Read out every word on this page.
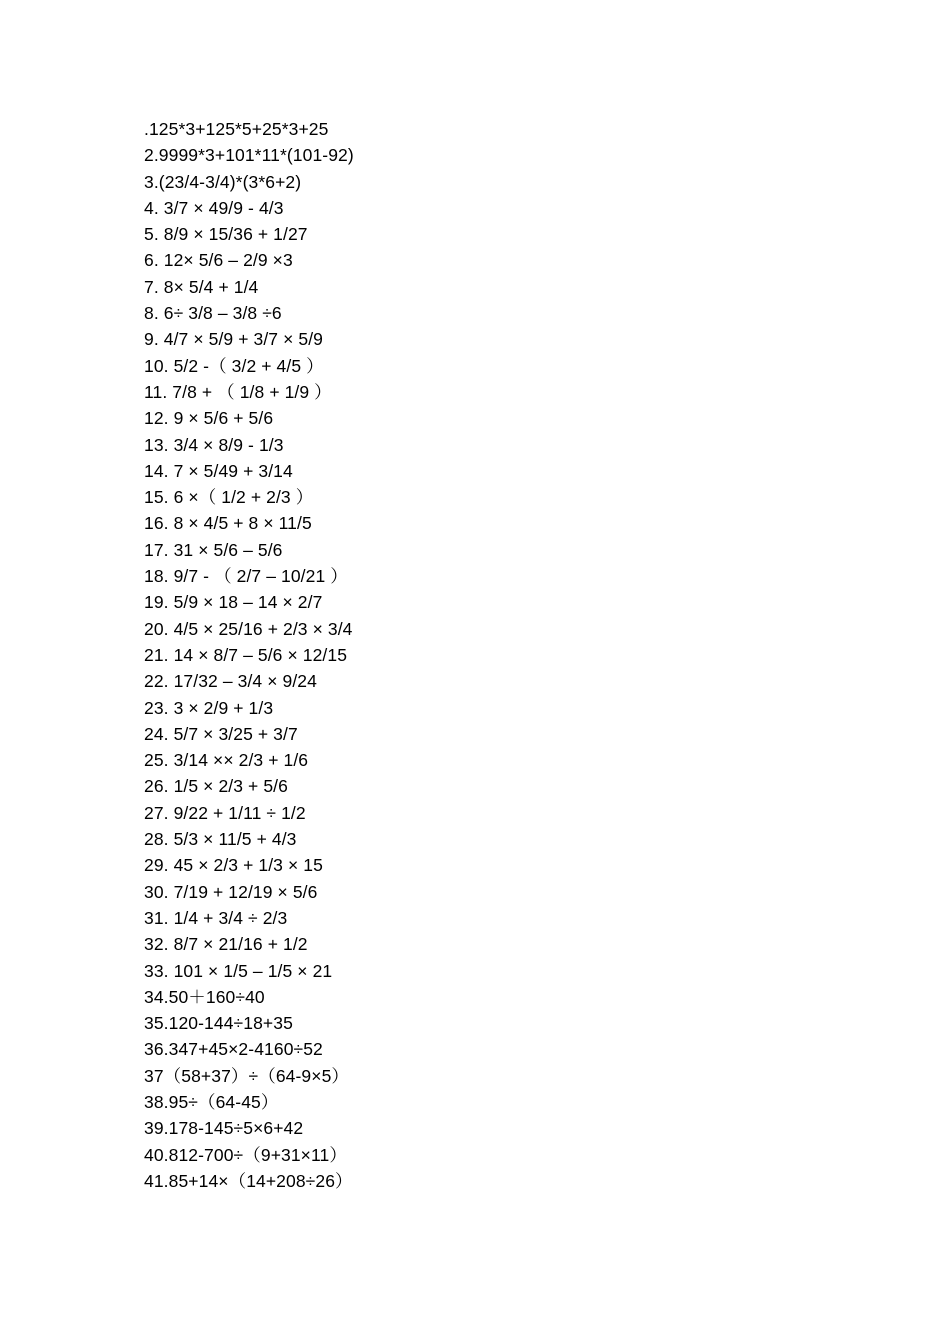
.125*3+125*5+25*3+25
2.9999*3+101*11*(101-92)
3.(23/4-3/4)*(3*6+2)
4. 3/7 × 49/9 - 4/3
5. 8/9 × 15/36 + 1/27
6. 12× 5/6 – 2/9 ×3
7. 8× 5/4 + 1/4
8. 6÷ 3/8 – 3/8 ÷6
9. 4/7 × 5/9 + 3/7 × 5/9
10. 5/2 -（ 3/2 + 4/5 ）
11. 7/8 + （ 1/8 + 1/9 ）
12. 9 × 5/6 + 5/6
13. 3/4 × 8/9 - 1/3
14. 7 × 5/49 + 3/14
15. 6 ×（ 1/2 + 2/3 ）
16. 8 × 4/5 + 8 × 11/5
17. 31 × 5/6 – 5/6
18. 9/7 - （ 2/7 – 10/21 ）
19. 5/9 × 18 – 14 × 2/7
20. 4/5 × 25/16 + 2/3 × 3/4
21. 14 × 8/7 – 5/6 × 12/15
22. 17/32 – 3/4 × 9/24
23. 3 × 2/9 + 1/3
24. 5/7 × 3/25 + 3/7
25. 3/14 ×× 2/3 + 1/6
26. 1/5 × 2/3 + 5/6
27. 9/22 + 1/11 ÷ 1/2
28. 5/3 × 11/5 + 4/3
29. 45 × 2/3 + 1/3 × 15
30. 7/19 + 12/19 × 5/6
31. 1/4 + 3/4 ÷ 2/3
32. 8/7 × 21/16 + 1/2
33. 101 × 1/5 – 1/5 × 21
34.50＋160÷40
35.120-144÷18+35
36.347+45×2-4160÷52
37（58+37）÷（64-9×5）
38.95÷（64-45）
39.178-145÷5×6+42
40.812-700÷（9+31×11）
41.85+14×（14+208÷26）
